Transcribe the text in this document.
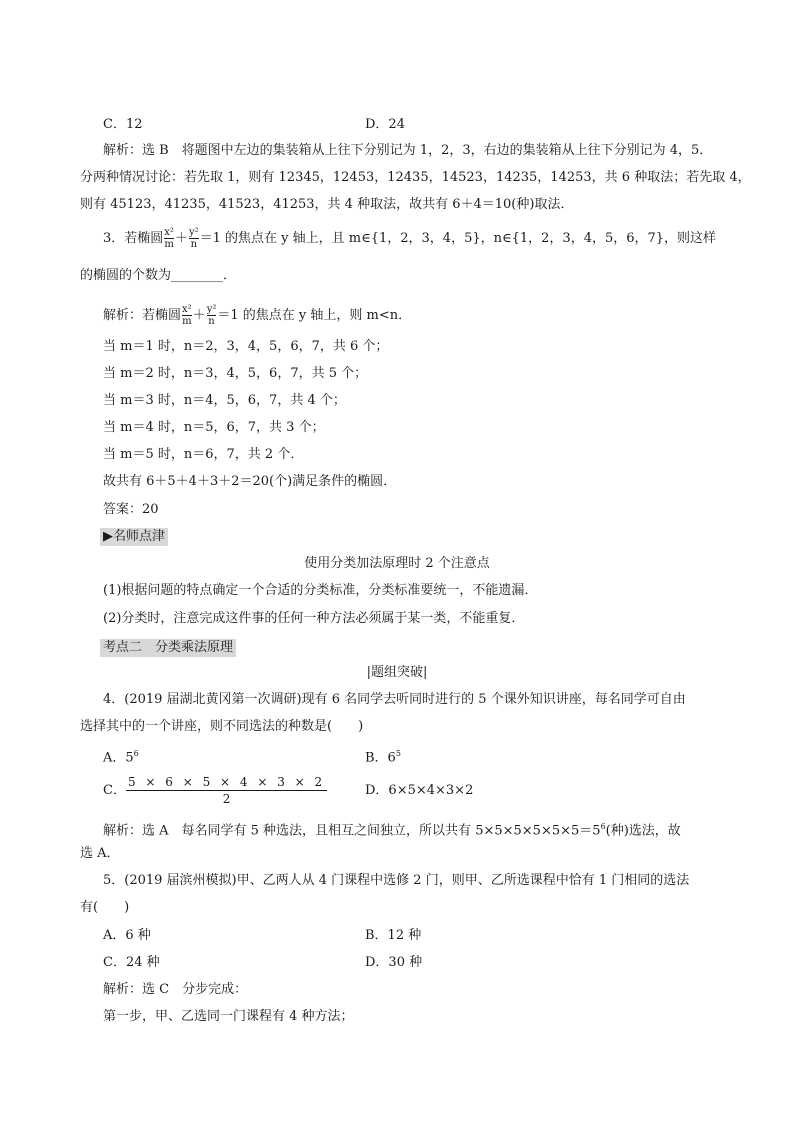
C．12	D．24
解析：选 B　将题图中左边的集装箱从上往下分别记为 1，2，3，右边的集装箱从上往下分别记为 4，5．
分两种情况讨论：若先取 1，则有 12345，12453，12435，14523，14235，14253，共 6 种取法；若先取 4，
则有 45123，41235，41523，41253，共 4 种取法，故共有 6＋4＝10(种)取法．
3．若椭圆 $\frac{\text{x²}}{m} + \frac{\text{y²}}{n} =1$ 的焦点在 y 轴上，且 m∈{1，2，3，4，5}，n∈{1，2，3，4，5，6，7}，则这样
的椭圆的个数为________．
解析：若椭圆 $\frac{\text{x²}}{m} + \frac{\text{y²}}{n} =1$ 的焦点在 y 轴上，则 m<n．
当 m＝1 时，n＝2，3，4，5，6，7，共 6 个；
当 m＝2 时，n＝3，4，5，6，7，共 5 个；
当 m＝3 时，n＝4，5，6，7，共 4 个；
当 m＝4 时，n＝5，6，7，共 3 个；
当 m＝5 时，n＝6，7，共 2 个．
故共有 6＋5＋4＋3＋2＝20(个)满足条件的椭圆．
答案：20
▶名师点津
使用分类加法原理时 2 个注意点
(1)根据问题的特点确定一个合适的分类标准，分类标准要统一，不能遗漏．
(2)分类时，注意完成这件事的任何一种方法必须属于某一类，不能重复．
考点二　分类乘法原理
|题组突破|
4．(2019 届湖北黄冈第一次调研)现有 6 名同学去听同时进行的 5 个课外知识讲座，每名同学可自由
选择其中的一个讲座，则不同选法的种数是(　　)
A．$5^6$	B．$6^5$
C． $\frac{5 \times 6 \times 5 \times 4 \times 3 \times 2}{2}$	D．6×5×4×3×2
解析：选 A　每名同学有 5 种选法，且相互之间独立，所以共有 $5\times 5\times 5\times 5\times 5\times 5=5^6$(种)选法，故
选 A．
5．(2019 届滨州模拟)甲、乙两人从 4 门课程中选修 2 门，则甲、乙所选课程中恰有 1 门相同的选法
有(　　)
A．6 种	B．12 种
C．24 种	D．30 种
解析：选 C　分步完成：
第一步，甲、乙选同一门课程有 4 种方法；
